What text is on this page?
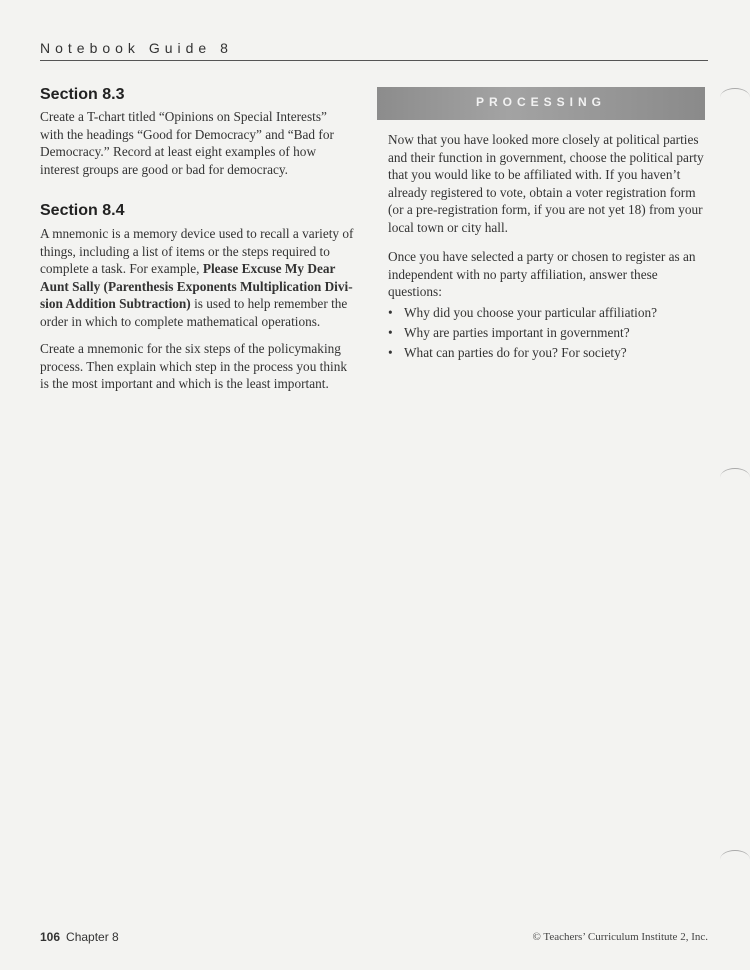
Notebook Guide 8
Section 8.3

Create a T-chart titled “Opinions on Special Interests” with the headings “Good for Democracy” and “Bad for Democracy.” Record at least eight examples of how interest groups are good or bad for democracy.

Section 8.4

A mnemonic is a memory device used to recall a variety of things, including a list of items or the steps required to complete a task. For example, Please Excuse My Dear Aunt Sally (Parenthesis Exponents Multiplication Division Addition Subtraction) is used to help remember the order in which to complete mathematical operations.

Create a mnemonic for the six steps of the policymaking process. Then explain which step in the process you think is the most important and which is the least important.

PROCESSING

Now that you have looked more closely at political parties and their function in government, choose the political party that you would like to be affiliated with. If you haven’t already registered to vote, obtain a voter registration form (or a pre-registration form, if you are not yet 18) from your local town or city hall.

Once you have selected a party or chosen to register as an independent with no party affiliation, answer these questions:

• Why did you choose your particular affiliation?
• Why are parties important in government?
• What can parties do for you? For society?
106 Chapter 8	© Teachers’ Curriculum Institute 2, Inc.
